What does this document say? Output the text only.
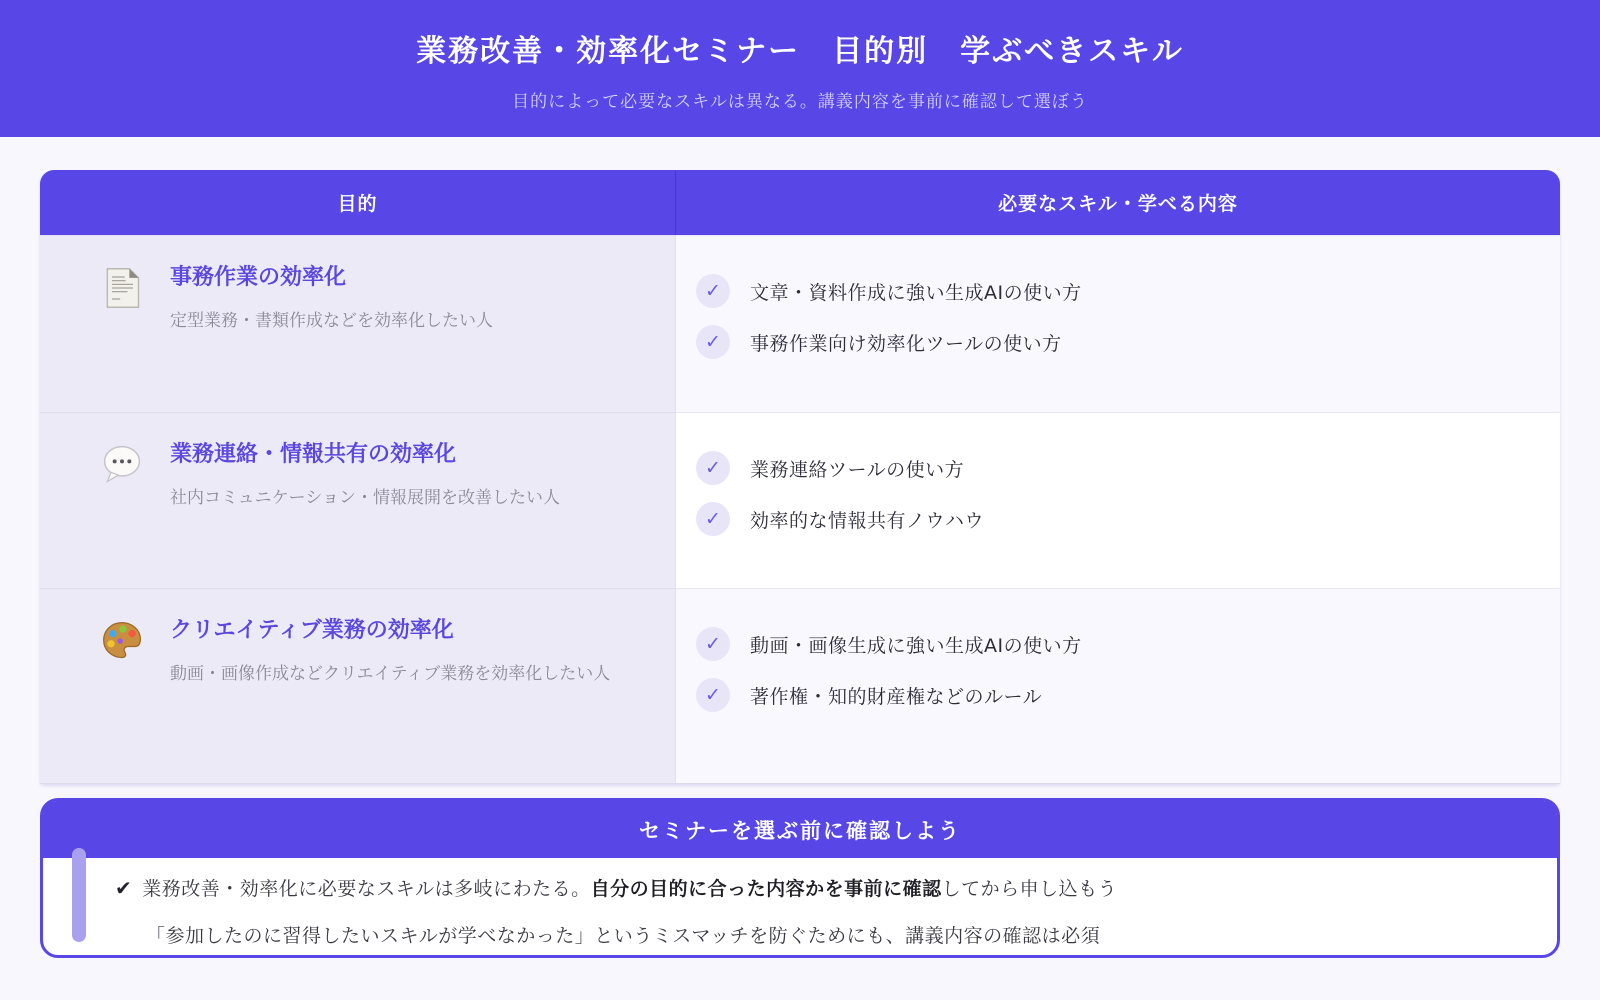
業務改善・効率化セミナー　目的別　学ぶべきスキル
目的によって必要なスキルは異なる。講義内容を事前に確認して選ぼう
目的	必要なスキル・学べる内容
事務作業の効率化
定型業務・書類作成などを効率化したい人
✓	文章・資料作成に強い生成AIの使い方
✓	事務作業向け効率化ツールの使い方
業務連絡・情報共有の効率化
社内コミュニケーション・情報展開を改善したい人
✓	業務連絡ツールの使い方
✓	効率的な情報共有ノウハウ
クリエイティブ業務の効率化
動画・画像作成などクリエイティブ業務を効率化したい人
✓	動画・画像生成に強い生成AIの使い方
✓	著作権・知的財産権などのルール
セミナーを選ぶ前に確認しよう

✔ 業務改善・効率化に必要なスキルは多岐にわたる。自分の目的に合った内容かを事前に確認してから申し込もう

「参加したのに習得したいスキルが学べなかった」というミスマッチを防ぐためにも、講義内容の確認は必須
